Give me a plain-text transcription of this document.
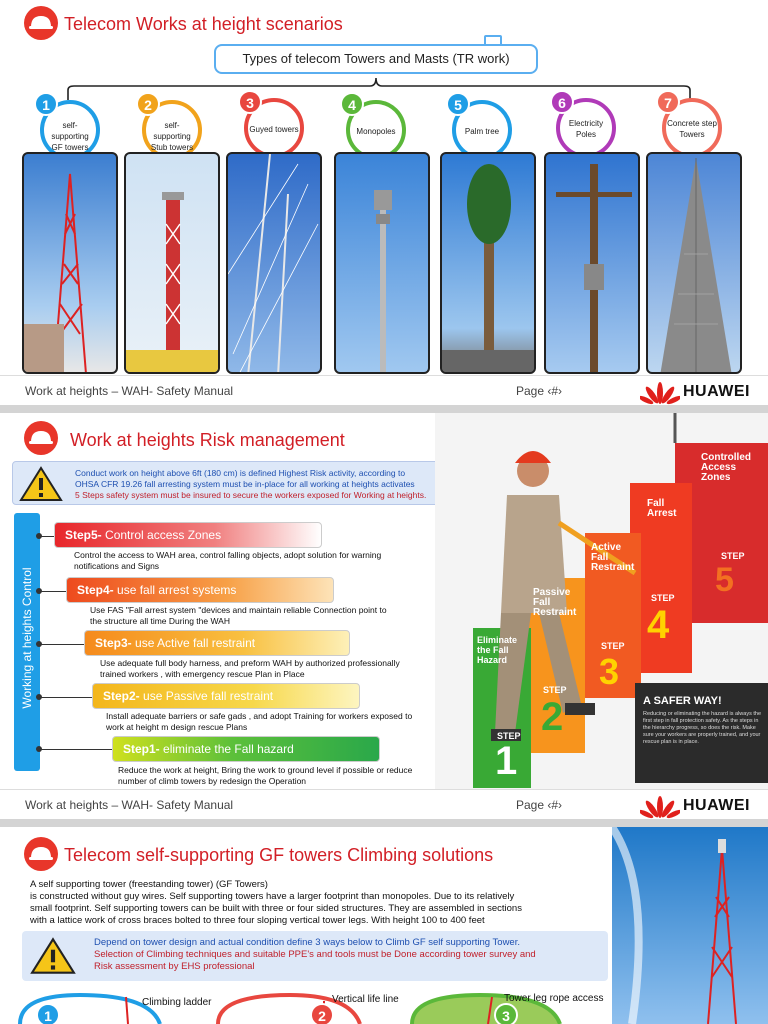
Telecom Works at height scenarios
Types of telecom Towers and Masts (TR work)
self-supporting
GF towers
1
self-supporting
Stub towers
2
Guyed towers
3
Monopoles
4
Palm tree
5
Electricity
Poles
6
Concrete step
Towers
7
Work at heights – WAH- Safety Manual	Page ‹#›	HUAWEI
Work at heights Risk management
Conduct work on height above 6ft (180 cm) is defined Highest Risk activity, according to
OHSA CFR 19.26 fall arresting system must be in-place for all working at heights activates
5 Steps safety system must be insured to secure the workers exposed for Working at heights.
Working at heights Control
Step5- Control access Zones
Control the access to WAH area, control falling objects, adopt solution for warning notifications and Signs
Step4- use fall arrest systems
Use FAS "Fall arrest system "devices and maintain reliable Connection point to the structure all time During the WAH
Step3- use Active fall restraint
Use adequate full body harness, and preform WAH by authorized professionally trained workers , with emergency rescue Plan in Place
Step2- use Passive fall restraint
Install adequate barriers or safe gads , and adopt Training for workers exposed to work at height m design rescue Plans
Step1- eliminate the Fall hazard
Reduce the work at height, Bring the work to ground level if possible or reduce number of climb towers by redesign the Operation
Controlled Access Zones
STEP
5
Fall Arrest
STEP
4
Active Fall Restraint
STEP
3
Passive Fall Restraint
STEP
2
Eliminate the Fall Hazard
STEP
1
A SAFER WAY!
Reducing or eliminating the hazard is always the first step in fall protection safety. As the steps in the hierarchy progress, so does the risk. Make sure your workers are properly trained, and your rescue plan is in place.
Work at heights – WAH- Safety Manual	Page ‹#›	HUAWEI
Telecom self-supporting GF towers Climbing solutions
A self supporting tower (freestanding tower) (GF Towers)
is constructed without guy wires. Self supporting towers have a larger footprint than monopoles. Due to its relatively
small footprint. Self supporting towers can be built with three or four sided structures. They are assembled in sections
with a lattice work of cross braces bolted to three four sloping vertical tower legs. With height 100 to 400 feet
Depend on tower design and actual condition define 3 ways below to Climb GF self supporting Tower.
Selection of Climbing techniques and suitable PPE's and tools must be Done according tower survey and
Risk assessment by EHS professional
1
Climbing ladder
2
Vertical life line
3
Tower leg rope access
